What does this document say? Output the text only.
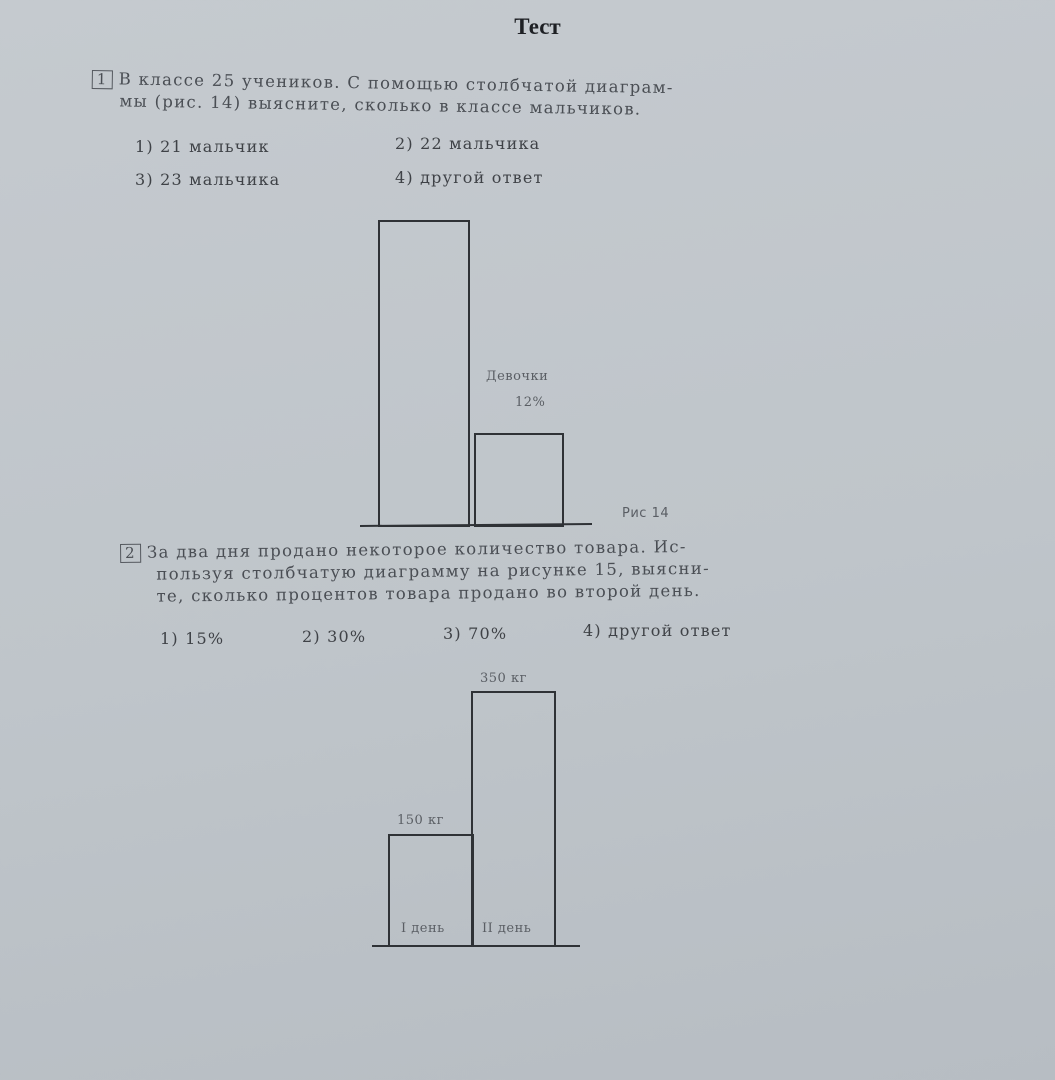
Тест
1 В классе 25 учеников. С помощью столбчатой диаграм-
мы (рис. 14) выясните, сколько в классе мальчиков.
1) 21 мальчик	2) 22 мальчика
3) 23 мальчика	4) другой ответ
Девочки
12%
Рис 14
2 За два дня продано некоторое количество товара. Ис-
пользуя столбчатую диаграмму на рисунке 15, выясни-
те, сколько процентов товара продано во второй день.
1) 15%	2) 30%	3) 70%	4) другой ответ
350 кг
150 кг
I день	II день
